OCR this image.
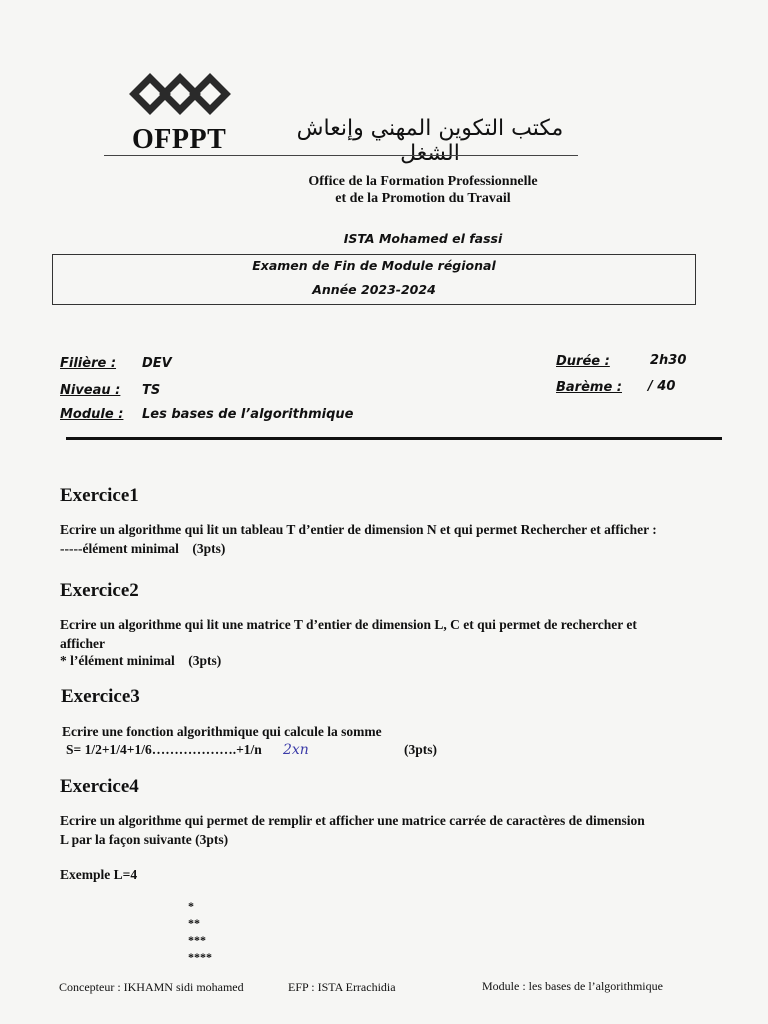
OFPPT	مكتب التكوين المهني وإنعاش الشغل
Office de la Formation Professionnelle
et de la Promotion du Travail
ISTA Mohamed el fassi
Examen de Fin de Module régional
Année 2023-2024
Filière : DEV
Niveau : TS
Module : Les bases de l’algorithmique
Durée :	2h30
Barème : / 40
Exercice1
Ecrire un algorithme qui lit un tableau T d’entier de dimension N et qui permet Rechercher et afficher :
-----élément minimal    (3pts)
Exercice2
Ecrire un algorithme qui lit une matrice T d’entier de dimension L, C et qui permet de rechercher et
afficher
* l’élément minimal    (3pts)
Exercice3
Ecrire une fonction algorithmique qui calcule la somme
S= 1/2+1/4+1/6……………….+1/n 2xn	(3pts)
Exercice4
Ecrire un algorithme qui permet de remplir et afficher une matrice carrée de caractères de dimension
L par la façon suivante (3pts)
Exemple L=4
*
**
***
****
Concepteur : IKHAMN sidi mohamed	EFP : ISTA Errachidia	Module : les bases de l’algorithmique
